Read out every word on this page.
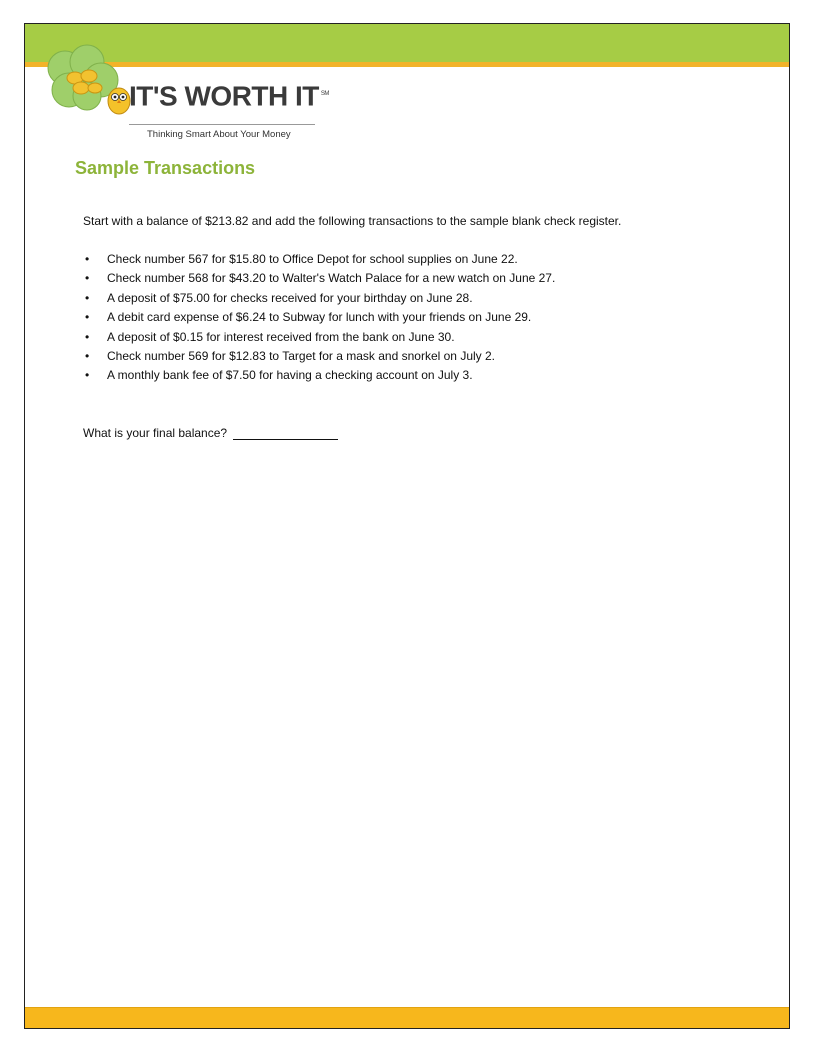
IT'S WORTH IT ℠

Thinking Smart About Your Money

Sample Transactions

Start with a balance of $213.82 and add the following transactions to the sample blank check register.

• Check number 567 for $15.80 to Office Depot for school supplies on June 22.
• Check number 568 for $43.20 to Walter's Watch Palace for a new watch on June 27.
• A deposit of $75.00 for checks received for your birthday on June 28.
• A debit card expense of $6.24 to Subway for lunch with your friends on June 29.
• A deposit of $0.15 for interest received from the bank on June 30.
• Check number 569 for $12.83 to Target for a mask and snorkel on July 2.
• A monthly bank fee of $7.50 for having a checking account on July 3.

What is your final balance?
